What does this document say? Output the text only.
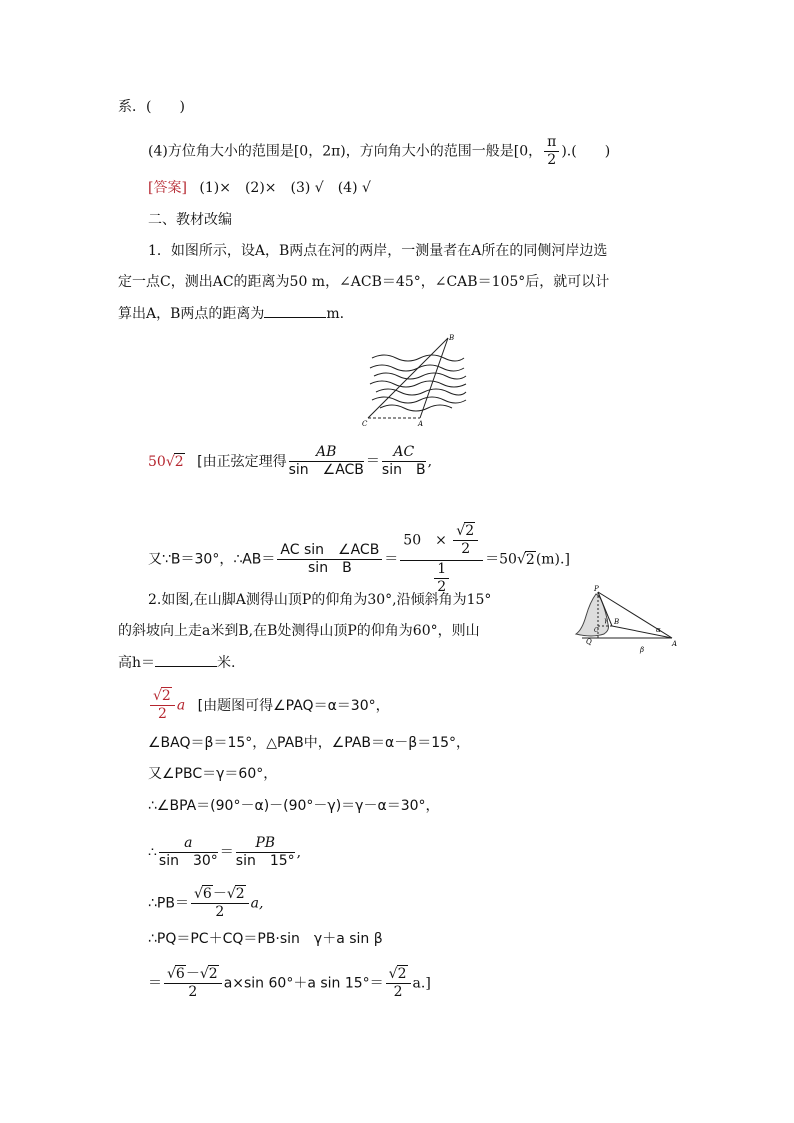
系．(　　)
(4)方位角大小的范围是[0，2π)，方向角大小的范围一般是[0， $\frac{\pi}{2}$ ).(　　)
[答案] (1)×　(2)×　(3) √　(4) √
二、教材改编
1．如图所示，设A，B两点在河的两岸，一测量者在A所在的同侧河岸边选
定一点C，测出AC的距离为50 m，∠ACB＝45°，∠CAB＝105°后，就可以计
算出A，B两点的距离为	m.
B
C	A
50√2 [由正弦定理得 $\frac{AB}{\text{sin　∠ACB}} = \frac{AC}{\text{sin　B}}$ ,
又∵B＝30°，∴AB＝ $\frac{\text{AC sin　∠ACB}}{\text{sin　B}} = \frac{50 \times \frac{√2}{2}}{\frac{1}{2}} =50√2(m)$.]
2.如图,在山脚A测得山顶P的仰角为30°,沿倾斜角为15°
的斜坡向上走a米到B,在B处测得山顶P的仰角为60°，则山
高h＝	米.
P
B
A
Q
C	α
β
γ
$\frac{√2}{2}$ a [由题图可得∠PAQ＝α＝30°，
∠BAQ＝β＝15°，△PAB中，∠PAB＝α－β＝15°，
又∠PBC＝γ＝60°，
∴∠BPA＝(90°－α)－(90°－γ)＝γ－α＝30°，
∴ $\frac{a}{\sin 30^\circ} = \frac{PB}{\sin 15^\circ}$ ,
∴PB＝ $\frac{√6-√2}{2} a$,
∴PQ＝PC＋CQ＝PB·sin　γ＋a sin β
＝ $\frac{√6-√2}{2} a\times\sin$ 60°＋a $\sin 15^\circ= \frac{√2}{2} a$.]
